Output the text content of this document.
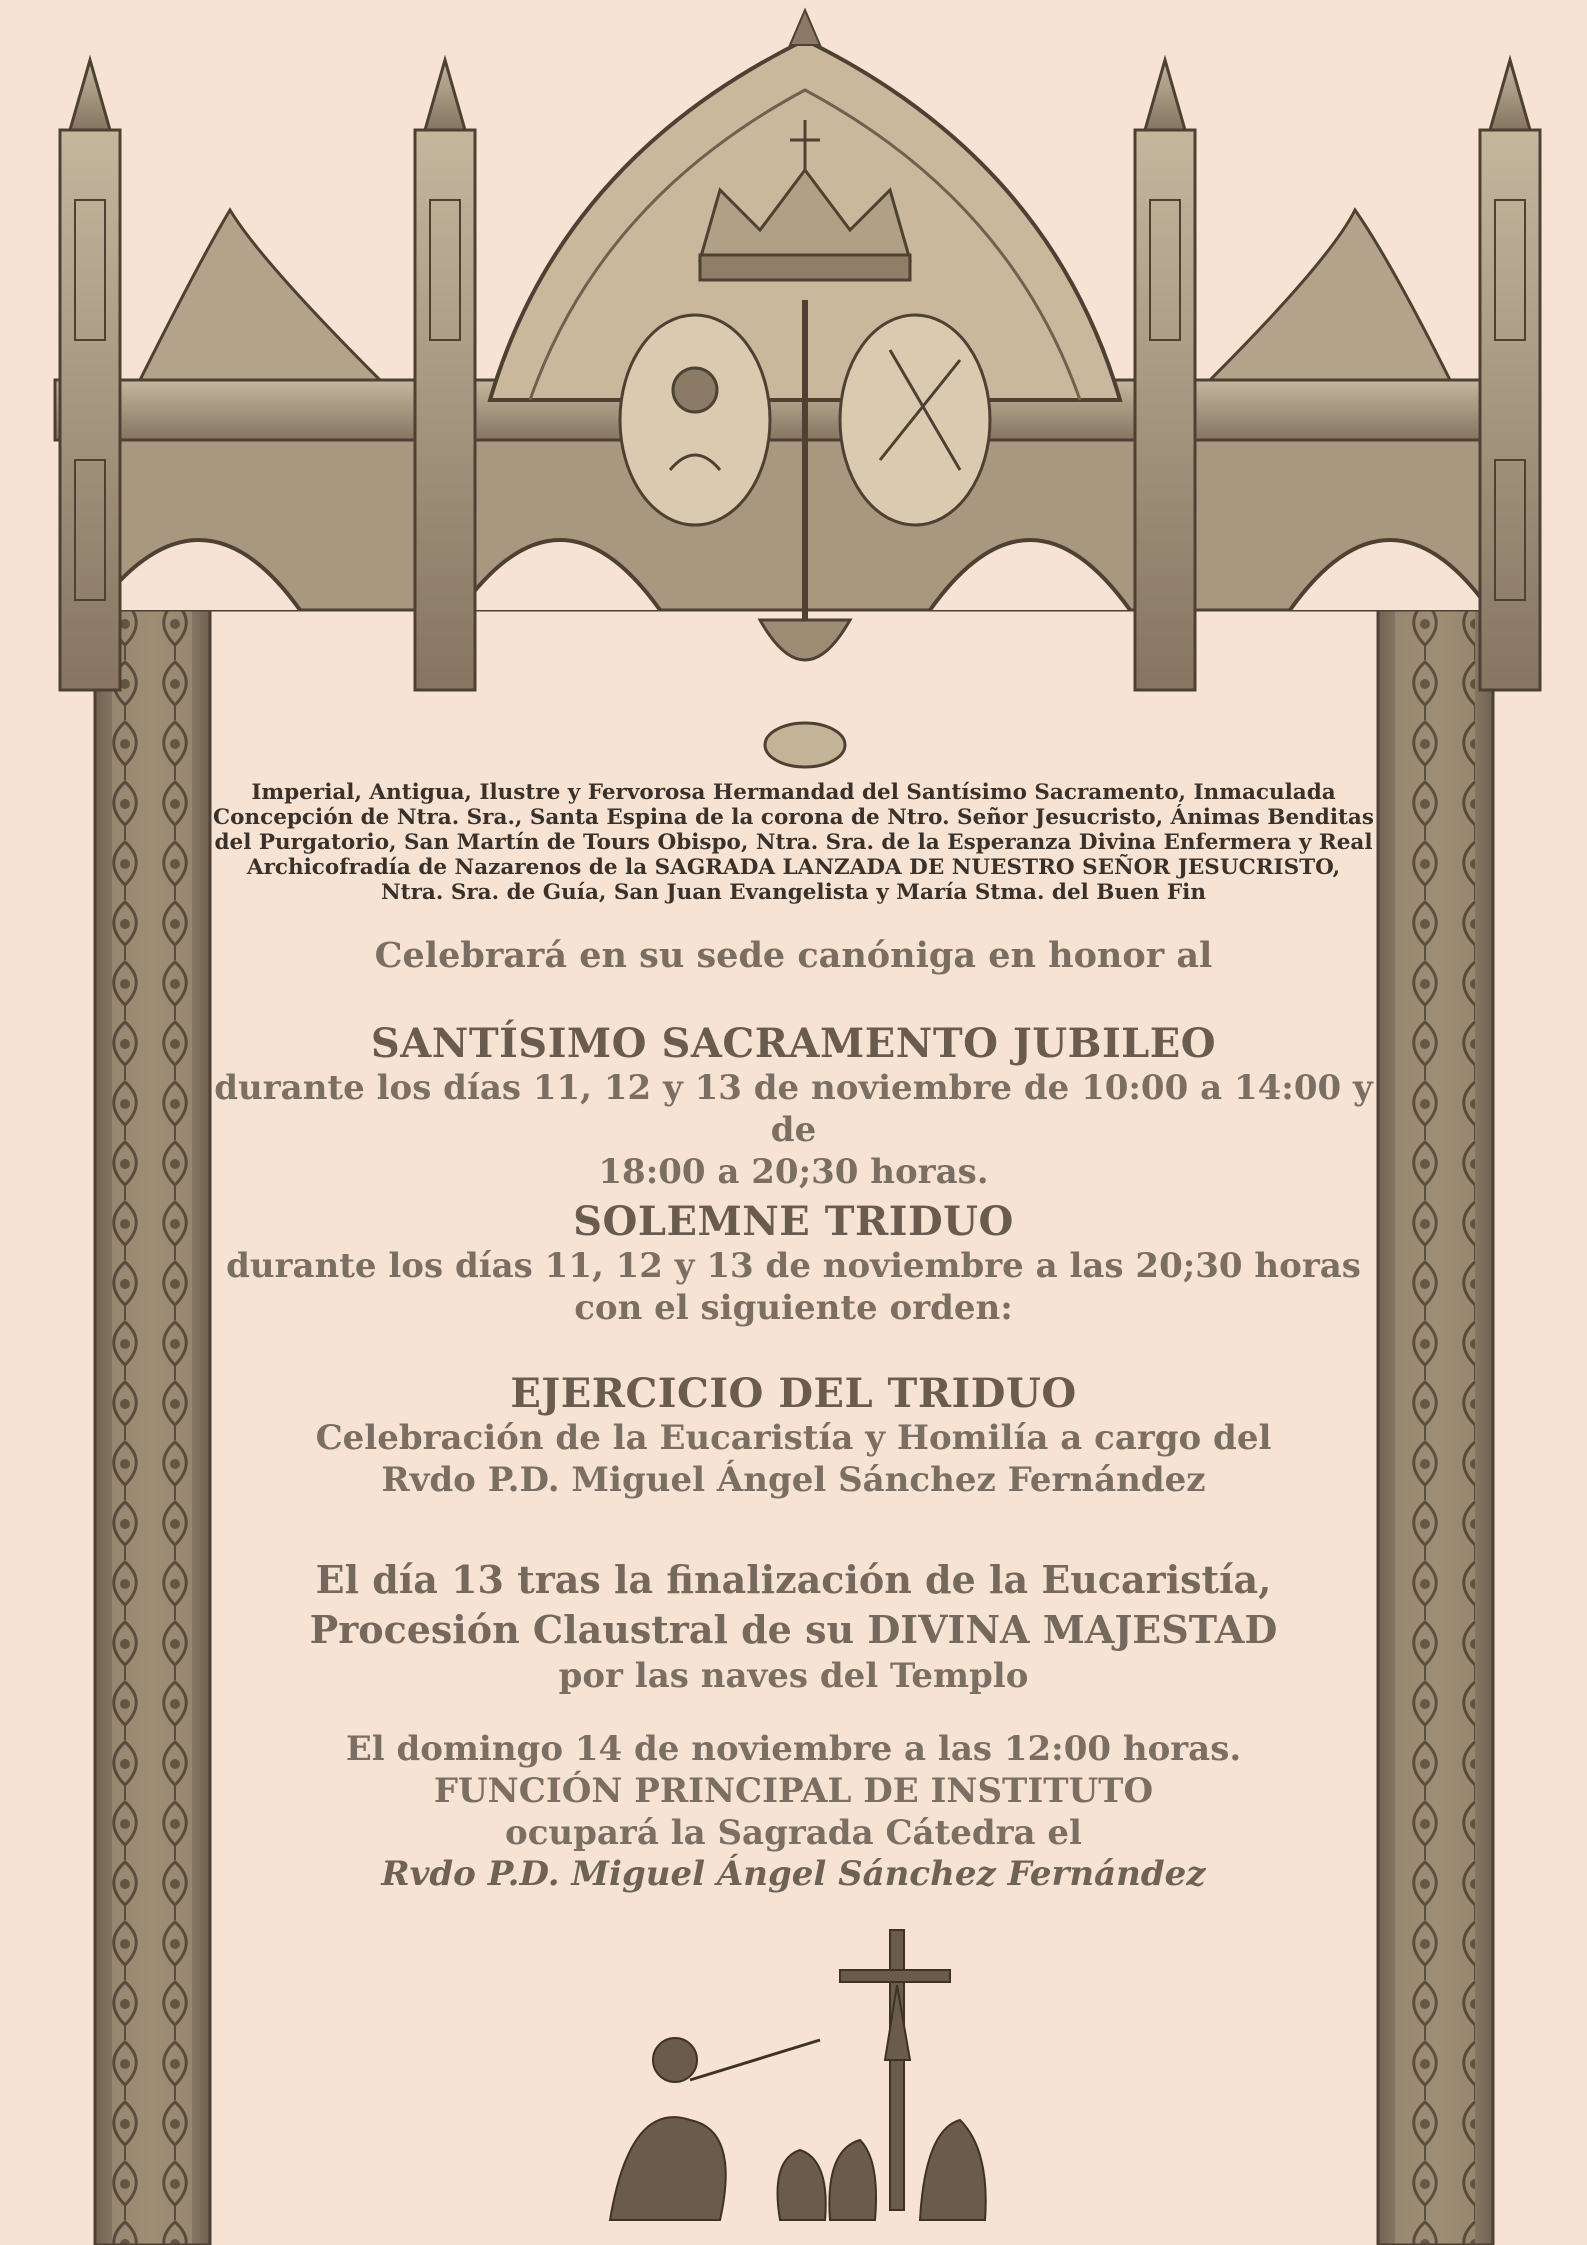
Imperial, Antigua, Ilustre y Fervorosa Hermandad del Santísimo Sacramento, Inmaculada
Concepción de Ntra. Sra., Santa Espina de la corona de Ntro. Señor Jesucristo, Ánimas Benditas
del Purgatorio, San Martín de Tours Obispo, Ntra. Sra. de la Esperanza Divina Enfermera y Real
Archicofradía de Nazarenos de la SAGRADA LANZADA DE NUESTRO SEÑOR JESUCRISTO,
Ntra. Sra. de Guía, San Juan Evangelista y María Stma. del Buen Fin
Celebrará en su sede canóniga en honor al
SANTÍSIMO SACRAMENTO JUBILEO
durante los días 11, 12 y 13 de noviembre de 10:00 a 14:00 y de
18:00 a 20;30 horas.
SOLEMNE TRIDUO
durante los días 11, 12 y 13 de noviembre a las 20;30 horas
con el siguiente orden:
EJERCICIO DEL TRIDUO
Celebración de la Eucaristía y Homilía a cargo del
Rvdo P.D. Miguel Ángel Sánchez Fernández
El día 13 tras la finalización de la Eucaristía,
Procesión Claustral de su DIVINA MAJESTAD
por las naves del Templo
El domingo 14 de noviembre a las 12:00 horas.
FUNCIÓN PRINCIPAL DE INSTITUTO
ocupará la Sagrada Cátedra el
Rvdo P.D. Miguel Ángel Sánchez Fernández
